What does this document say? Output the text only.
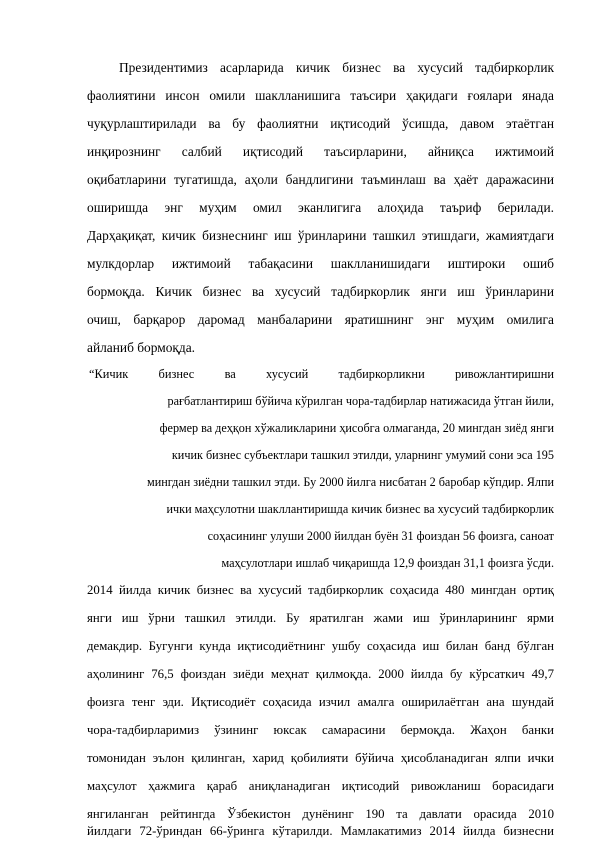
Президентимиз асарларида кичик бизнес ва хусусий тадбиркорлик
фаолиятини инсон омили шаклланишига таъсири ҳақидаги ғоялари янада
чуқурлаштирилади ва бу фаолиятни иқтисодий ўсишда, давом этаётган
инқирознинг салбий иқтисодий таъсирларини, айниқса ижтимоий
оқибатларини тугатишда, аҳоли бандлигини таъминлаш ва ҳаёт даражасини
оширишда энг муҳим омил эканлигига алоҳида таъриф берилади.
Дарҳақиқат, кичик бизнеснинг иш ўринларини ташкил этишдаги, жамиятдаги
мулкдорлар ижтимоий табақасини шаклланишидаги иштироки ошиб
бормоқда. Кичик бизнес ва хусусий тадбиркорлик янги иш ўринларини
очиш, барқарор даромад манбаларини яратишнинг энг муҳим омилига
айланиб бормоқда.
“Кичик бизнес ва хусусий тадбиркорликни ривожлантиришни
рағбатлантириш бўйича кўрилган чора-тадбирлар натижасида ўтган йили,
фермер ва деҳқон хўжаликларини ҳисобга олмаганда, 20 мингдан зиёд янги
кичик бизнес субъектлари ташкил этилди, уларнинг умумий сони эса 195
мингдан зиёдни ташкил этди. Бу 2000 йилга нисбатан 2 баробар кўпдир. Ялпи
ички маҳсулотни шакллантиришда кичик бизнес ва хусусий тадбиркорлик
соҳасининг улуши 2000 йилдан буён 31 фоиздан 56 фоизга, саноат
маҳсулотлари ишлаб чиқаришда 12,9 фоиздан 31,1 фоизга ўсди.
2014 йилда кичик бизнес ва хусусий тадбиркорлик соҳасида 480 мингдан ортиқ
янги иш ўрни ташкил этилди. Бу яратилган жами иш ўринларининг ярми
демакдир. Бугунги кунда иқтисодиётнинг ушбу соҳасида иш билан банд бўлган
аҳолининг 76,5 фоиздан зиёди меҳнат қилмоқда. 2000 йилда бу кўрсаткич 49,7
фоизга тенг эди. Иқтисодиёт соҳасида изчил амалга оширилаётган ана шундай
чора-тадбирларимиз ўзининг юксак самарасини бермоқда. Жаҳон банки
томонидан эълон қилинган, харид қобилияти бўйича ҳисобланадиган ялпи ички
маҳсулот ҳажмига қараб аниқланадиган иқтисодий ривожланиш борасидаги
янгиланган рейтингда Ўзбекистон дунёнинг 190 та давлати орасида 2010
йилдаги 72-ўриндан 66-ўринга кўтарилди. Мамлакатимиз 2014 йилда бизнесни
